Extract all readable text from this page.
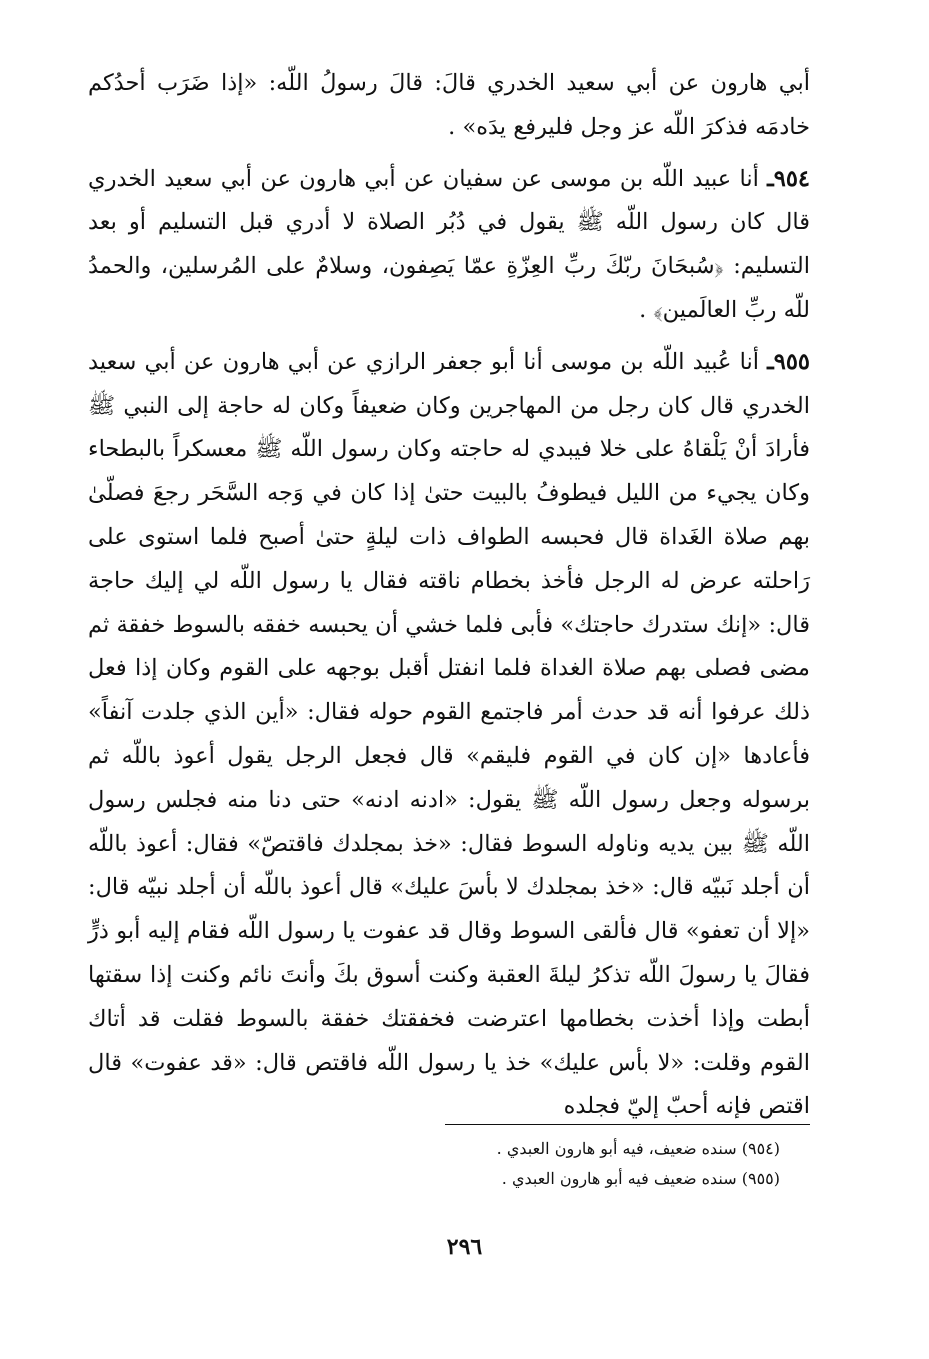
أبي هارون عن أبي سعيد الخدري قالَ: قالَ رسولُ اللّه: «إذا ضَرَب أحدُكم خادمَه فذكرَ اللّه عز وجل فليرفع يدَه» .

٩٥٤ـ أنا عبيد اللّه بن موسى عن سفيان عن أبي هارون عن أبي سعيد الخدري قال كان رسول اللّه ﷺ يقول في دُبُر الصلاة لا أدري قبل التسليم أو بعد التسليم: ﴿سُبحَانَ ربّكَ ربِّ العِزّةِ عمّا يَصِفون، وسلامٌ على المُرسلين، والحمدُ للّه ربِّ العالَمين﴾ .

٩٥٥ـ أنا عُبيد اللّه بن موسى أنا أبو جعفر الرازي عن أبي هارون عن أبي سعيد الخدري قال كان رجل من المهاجرين وكان ضعيفاً وكان له حاجة إلى النبي ﷺ فأرادَ أنْ يَلْقاهُ على خلا فيبدي له حاجته وكان رسول اللّه ﷺ معسكراً بالبطحاء وكان يجيء من الليل فيطوفُ بالبيت حتىٰ إذا كان في وَجه السَّحَر رجعَ فصلّىٰ بهم صلاة الغَداة قال فحبسه الطواف ذات ليلةٍ حتىٰ أصبح فلما استوى على رَاحلته عرض له الرجل فأخذ بخطام ناقته فقال يا رسول اللّه لي إليك حاجة قال: «إنك ستدرك حاجتك» فأبى فلما خشي أن يحبسه خفقه بالسوط خفقة ثم مضى فصلى بهم صلاة الغداة فلما انفتل أقبل بوجهه على القوم وكان إذا فعل ذلك عرفوا أنه قد حدث أمر فاجتمع القوم حوله فقال: «أين الذي جلدت آنفاً» فأعادها «إن كان في القوم فليقم» قال فجعل الرجل يقول أعوذ باللّه ثم برسوله وجعل رسول اللّه ﷺ يقول: «ادنه ادنه» حتى دنا منه فجلس رسول اللّه ﷺ بين يديه وناوله السوط فقال: «خذ بمجلدك فاقتصّ» فقال: أعوذ باللّه أن أجلد نَبيّه قال: «خذ بمجلدك لا بأسَ عليك» قال أعوذ باللّه أن أجلد نبيّه قال: «إلا أن تعفو» قال فألقى السوط وقال قد عفوت يا رسول اللّه فقام إليه أبو ذرٍّ فقالَ يا رسولَ اللّه تذكرُ ليلةَ العقبة وكنت أسوق بكَ وأنتَ نائم وكنت إذا سقتها أبطت وإذا أخذت بخطامها اعترضت فخفقتك خفقة بالسوط فقلت قد أتاك القوم وقلت: «لا بأس عليك» خذ يا رسول اللّه فاقتص قال: «قد عفوت» قال اقتص فإنه أحبّ إليّ فجلده

(٩٥٤) سنده ضعيف، فيه أبو هارون العبدي .
(٩٥٥) سنده ضعيف فيه أبو هارون العبدي .
٢٩٦
